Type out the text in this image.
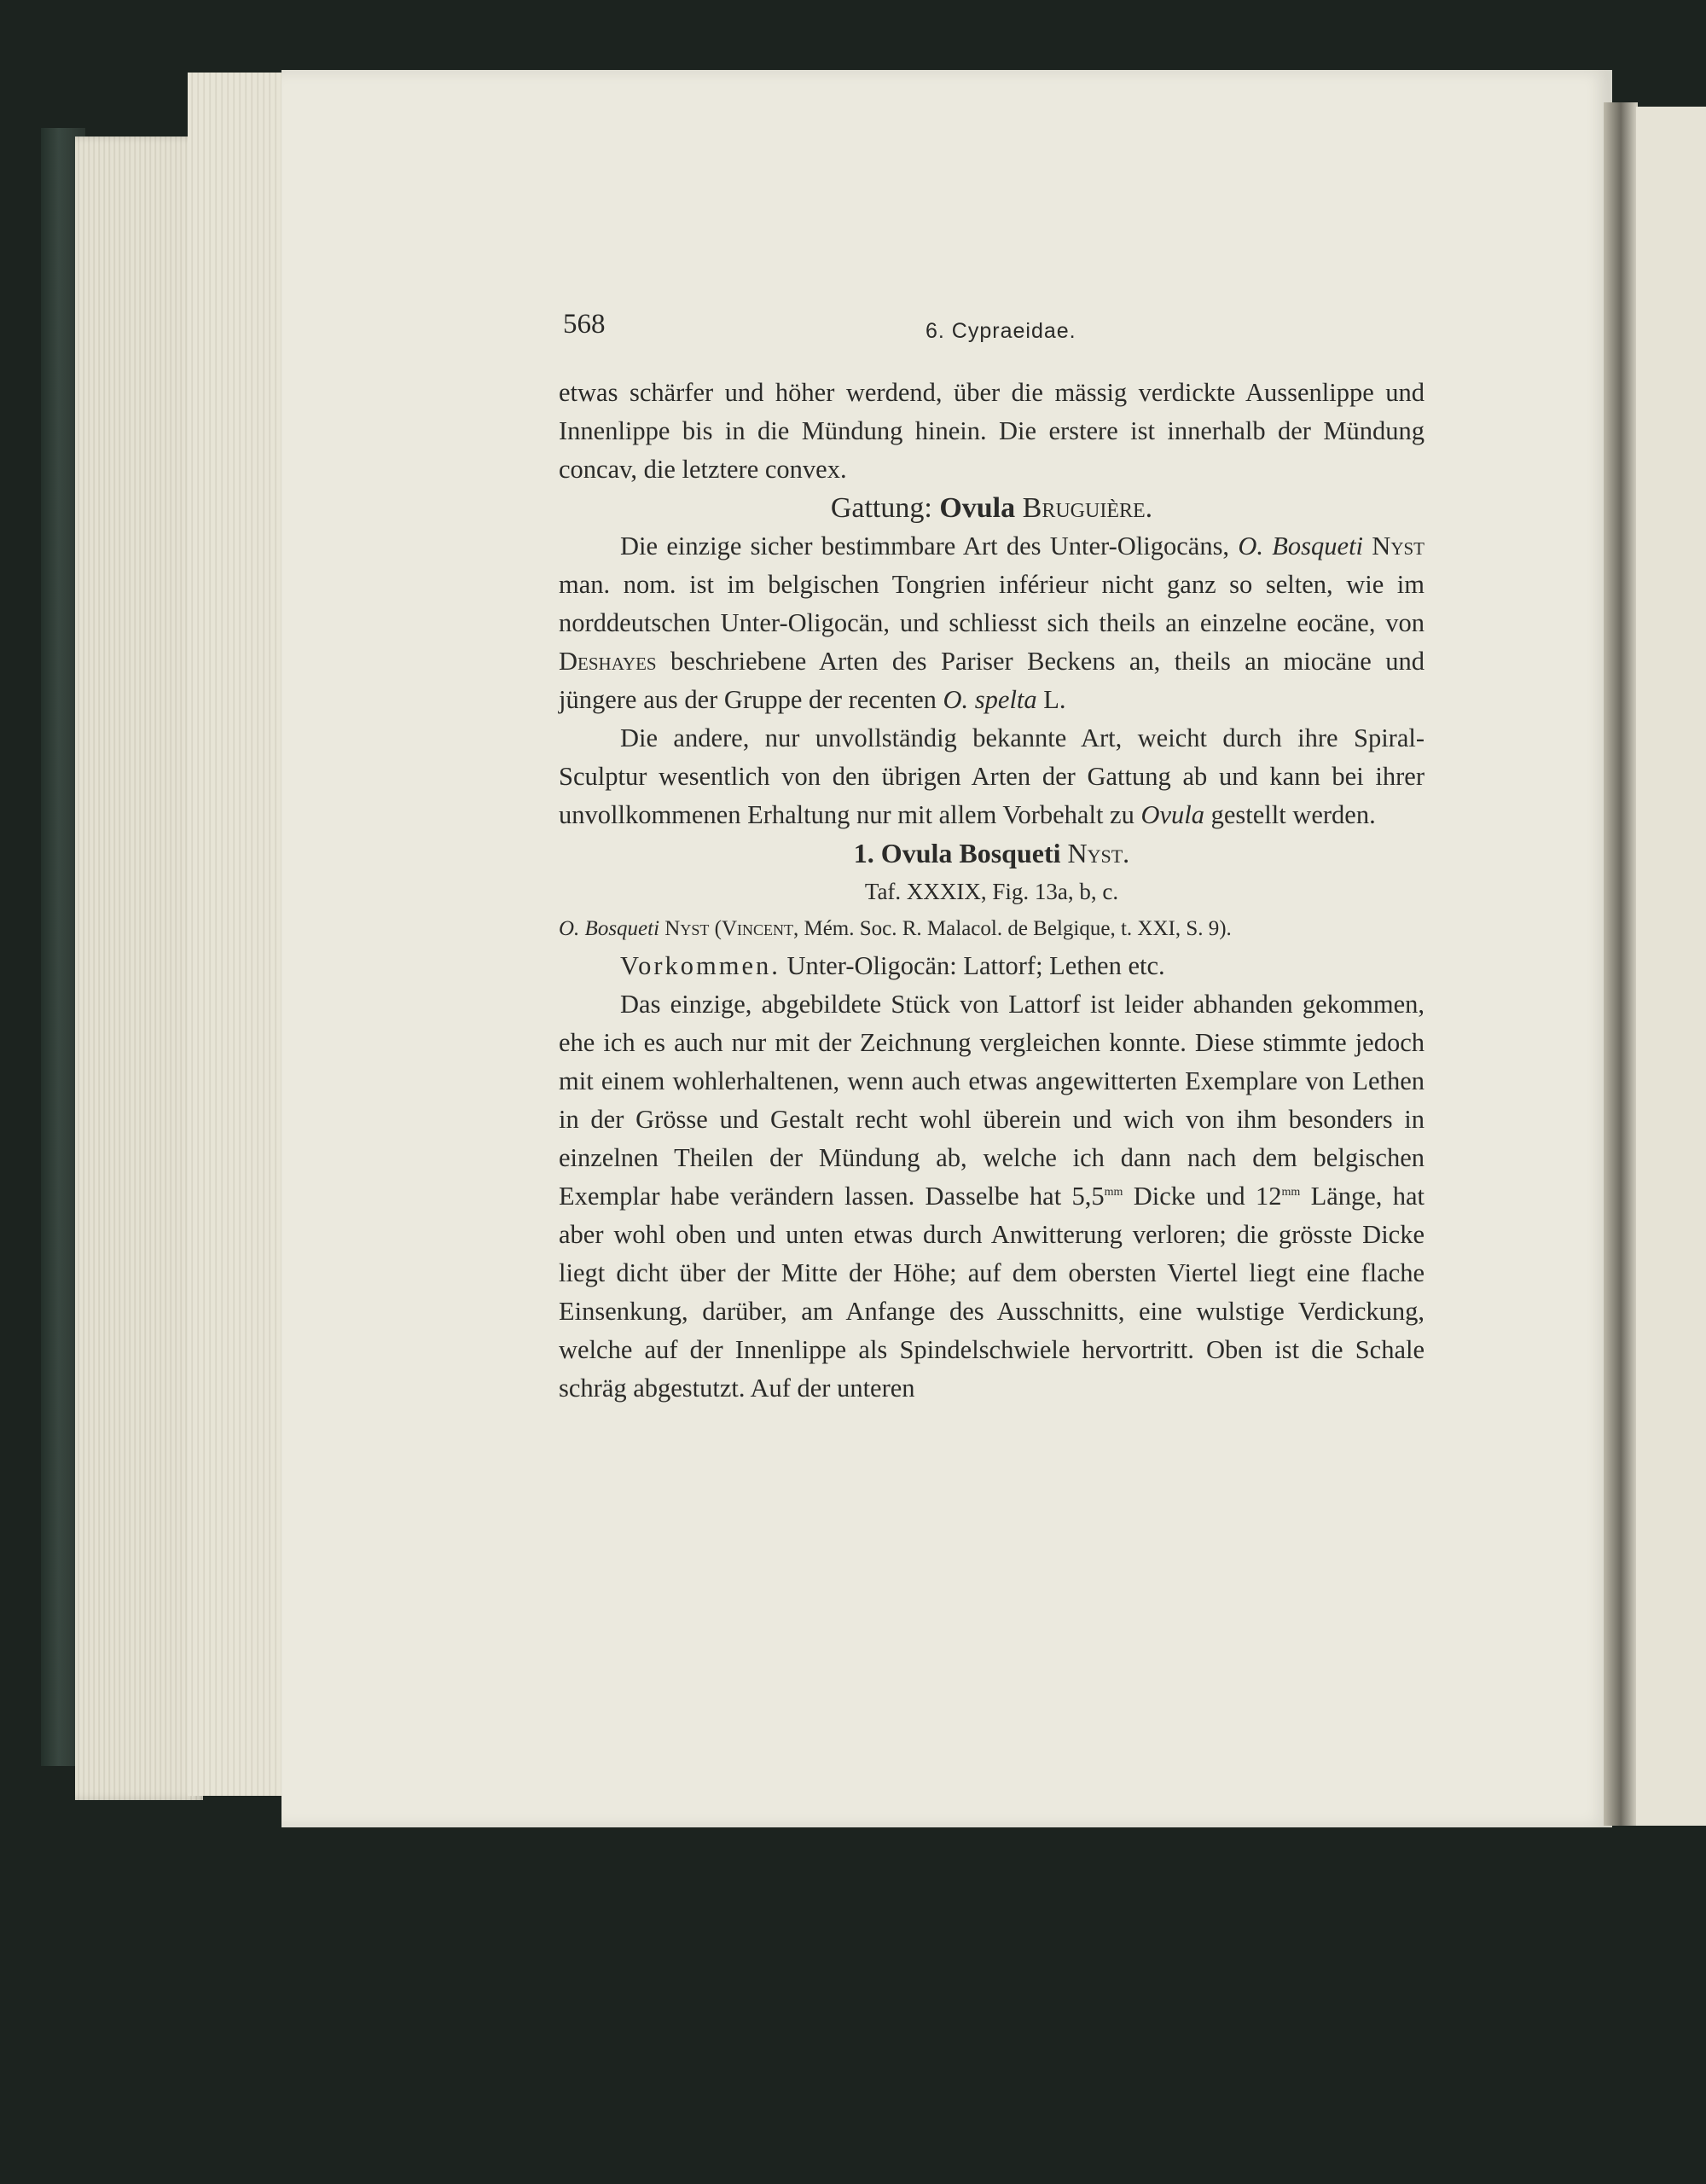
568	6. Cypraeidae.

etwas schärfer und höher werdend, über die mässig verdickte Aussenlippe und Innenlippe bis in die Mündung hinein. Die erstere ist innerhalb der Mündung concav, die letztere convex.

Gattung: Ovula Bruguière.

Die einzige sicher bestimmbare Art des Unter-Oligocäns, O. Bosqueti Nyst man. nom. ist im belgischen Tongrien inférieur nicht ganz so selten, wie im norddeutschen Unter-Oligocän, und schliesst sich theils an einzelne eocäne, von Deshayes beschriebene Arten des Pariser Beckens an, theils an miocäne und jüngere aus der Gruppe der recenten O. spelta L.

Die andere, nur unvollständig bekannte Art, weicht durch ihre Spiral-Sculptur wesentlich von den übrigen Arten der Gattung ab und kann bei ihrer unvollkommenen Erhaltung nur mit allem Vorbehalt zu Ovula gestellt werden.

1. Ovula Bosqueti Nyst.

Taf. XXXIX, Fig. 13a, b, c.

O. Bosqueti Nyst (Vincent, Mém. Soc. R. Malacol. de Belgique, t. XXI, S. 9).

Vorkommen. Unter-Oligocän: Lattorf; Lethen etc.

Das einzige, abgebildete Stück von Lattorf ist leider abhanden gekommen, ehe ich es auch nur mit der Zeichnung vergleichen konnte. Diese stimmte jedoch mit einem wohlerhaltenen, wenn auch etwas angewitterten Exemplare von Lethen in der Grösse und Gestalt recht wohl überein und wich von ihm besonders in einzelnen Theilen der Mündung ab, welche ich dann nach dem belgischen Exemplar habe verändern lassen. Dasselbe hat $5,5^{mm}$ Dicke und $12^{mm}$ Länge, hat aber wohl oben und unten etwas durch Anwitterung verloren; die grösste Dicke liegt dicht über der Mitte der Höhe; auf dem obersten Viertel liegt eine flache Einsenkung, darüber, am Anfange des Ausschnitts, eine wulstige Verdickung, welche auf der Innenlippe als Spindelschwiele hervortritt. Oben ist die Schale schräg abgestutzt. Auf der unteren
